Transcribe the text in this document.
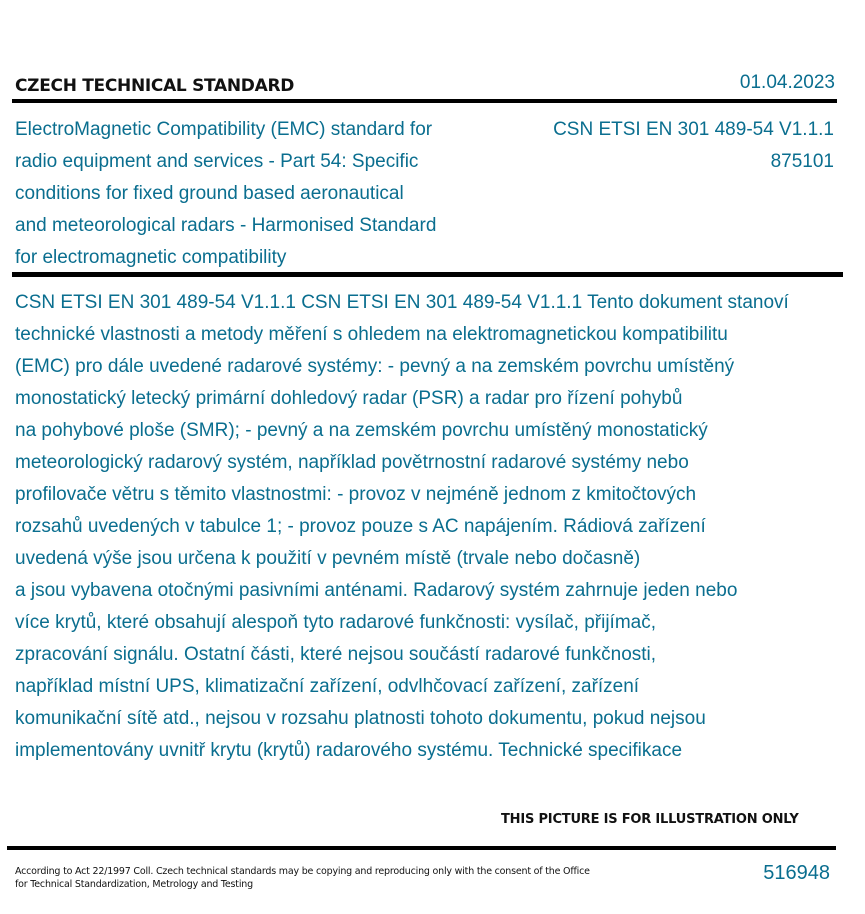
CZECH TECHNICAL STANDARD	01.04.2023
ElectroMagnetic Compatibility (EMC) standard for
radio equipment and services - Part 54: Specific
conditions for fixed ground based aeronautical
and meteorological radars - Harmonised Standard
for electromagnetic compatibility
CSN ETSI EN 301 489-54 V1.1.1
875101
CSN ETSI EN 301 489-54 V1.1.1 CSN ETSI EN 301 489-54 V1.1.1 Tento dokument stanoví
technické vlastnosti a metody měření s ohledem na elektromagnetickou kompatibilitu
(EMC) pro dále uvedené radarové systémy: - pevný a na zemském povrchu umístěný
monostatický letecký primární dohledový radar (PSR) a radar pro řízení pohybů
na pohybové ploše (SMR); - pevný a na zemském povrchu umístěný monostatický
meteorologický radarový systém, například povětrnostní radarové systémy nebo
profilovače větru s těmito vlastnostmi: - provoz v nejméně jednom z kmitočtových
rozsahů uvedených v tabulce 1; - provoz pouze s AC napájením. Rádiová zařízení
uvedená výše jsou určena k použití v pevném místě (trvale nebo dočasně)
a jsou vybavena otočnými pasivními anténami. Radarový systém zahrnuje jeden nebo
více krytů, které obsahují alespoň tyto radarové funkčnosti: vysílač, přijímač,
zpracování signálu. Ostatní části, které nejsou součástí radarové funkčnosti,
například místní UPS, klimatizační zařízení, odvlhčovací zařízení, zařízení
komunikační sítě atd., nejsou v rozsahu platnosti tohoto dokumentu, pokud nejsou
implementovány uvnitř krytu (krytů) radarového systému. Technické specifikace
THIS PICTURE IS FOR ILLUSTRATION ONLY
According to Act 22/1997 Coll. Czech technical standards may be copying and reproducing only with the consent of the Office
for Technical Standardization, Metrology and Testing
516948
